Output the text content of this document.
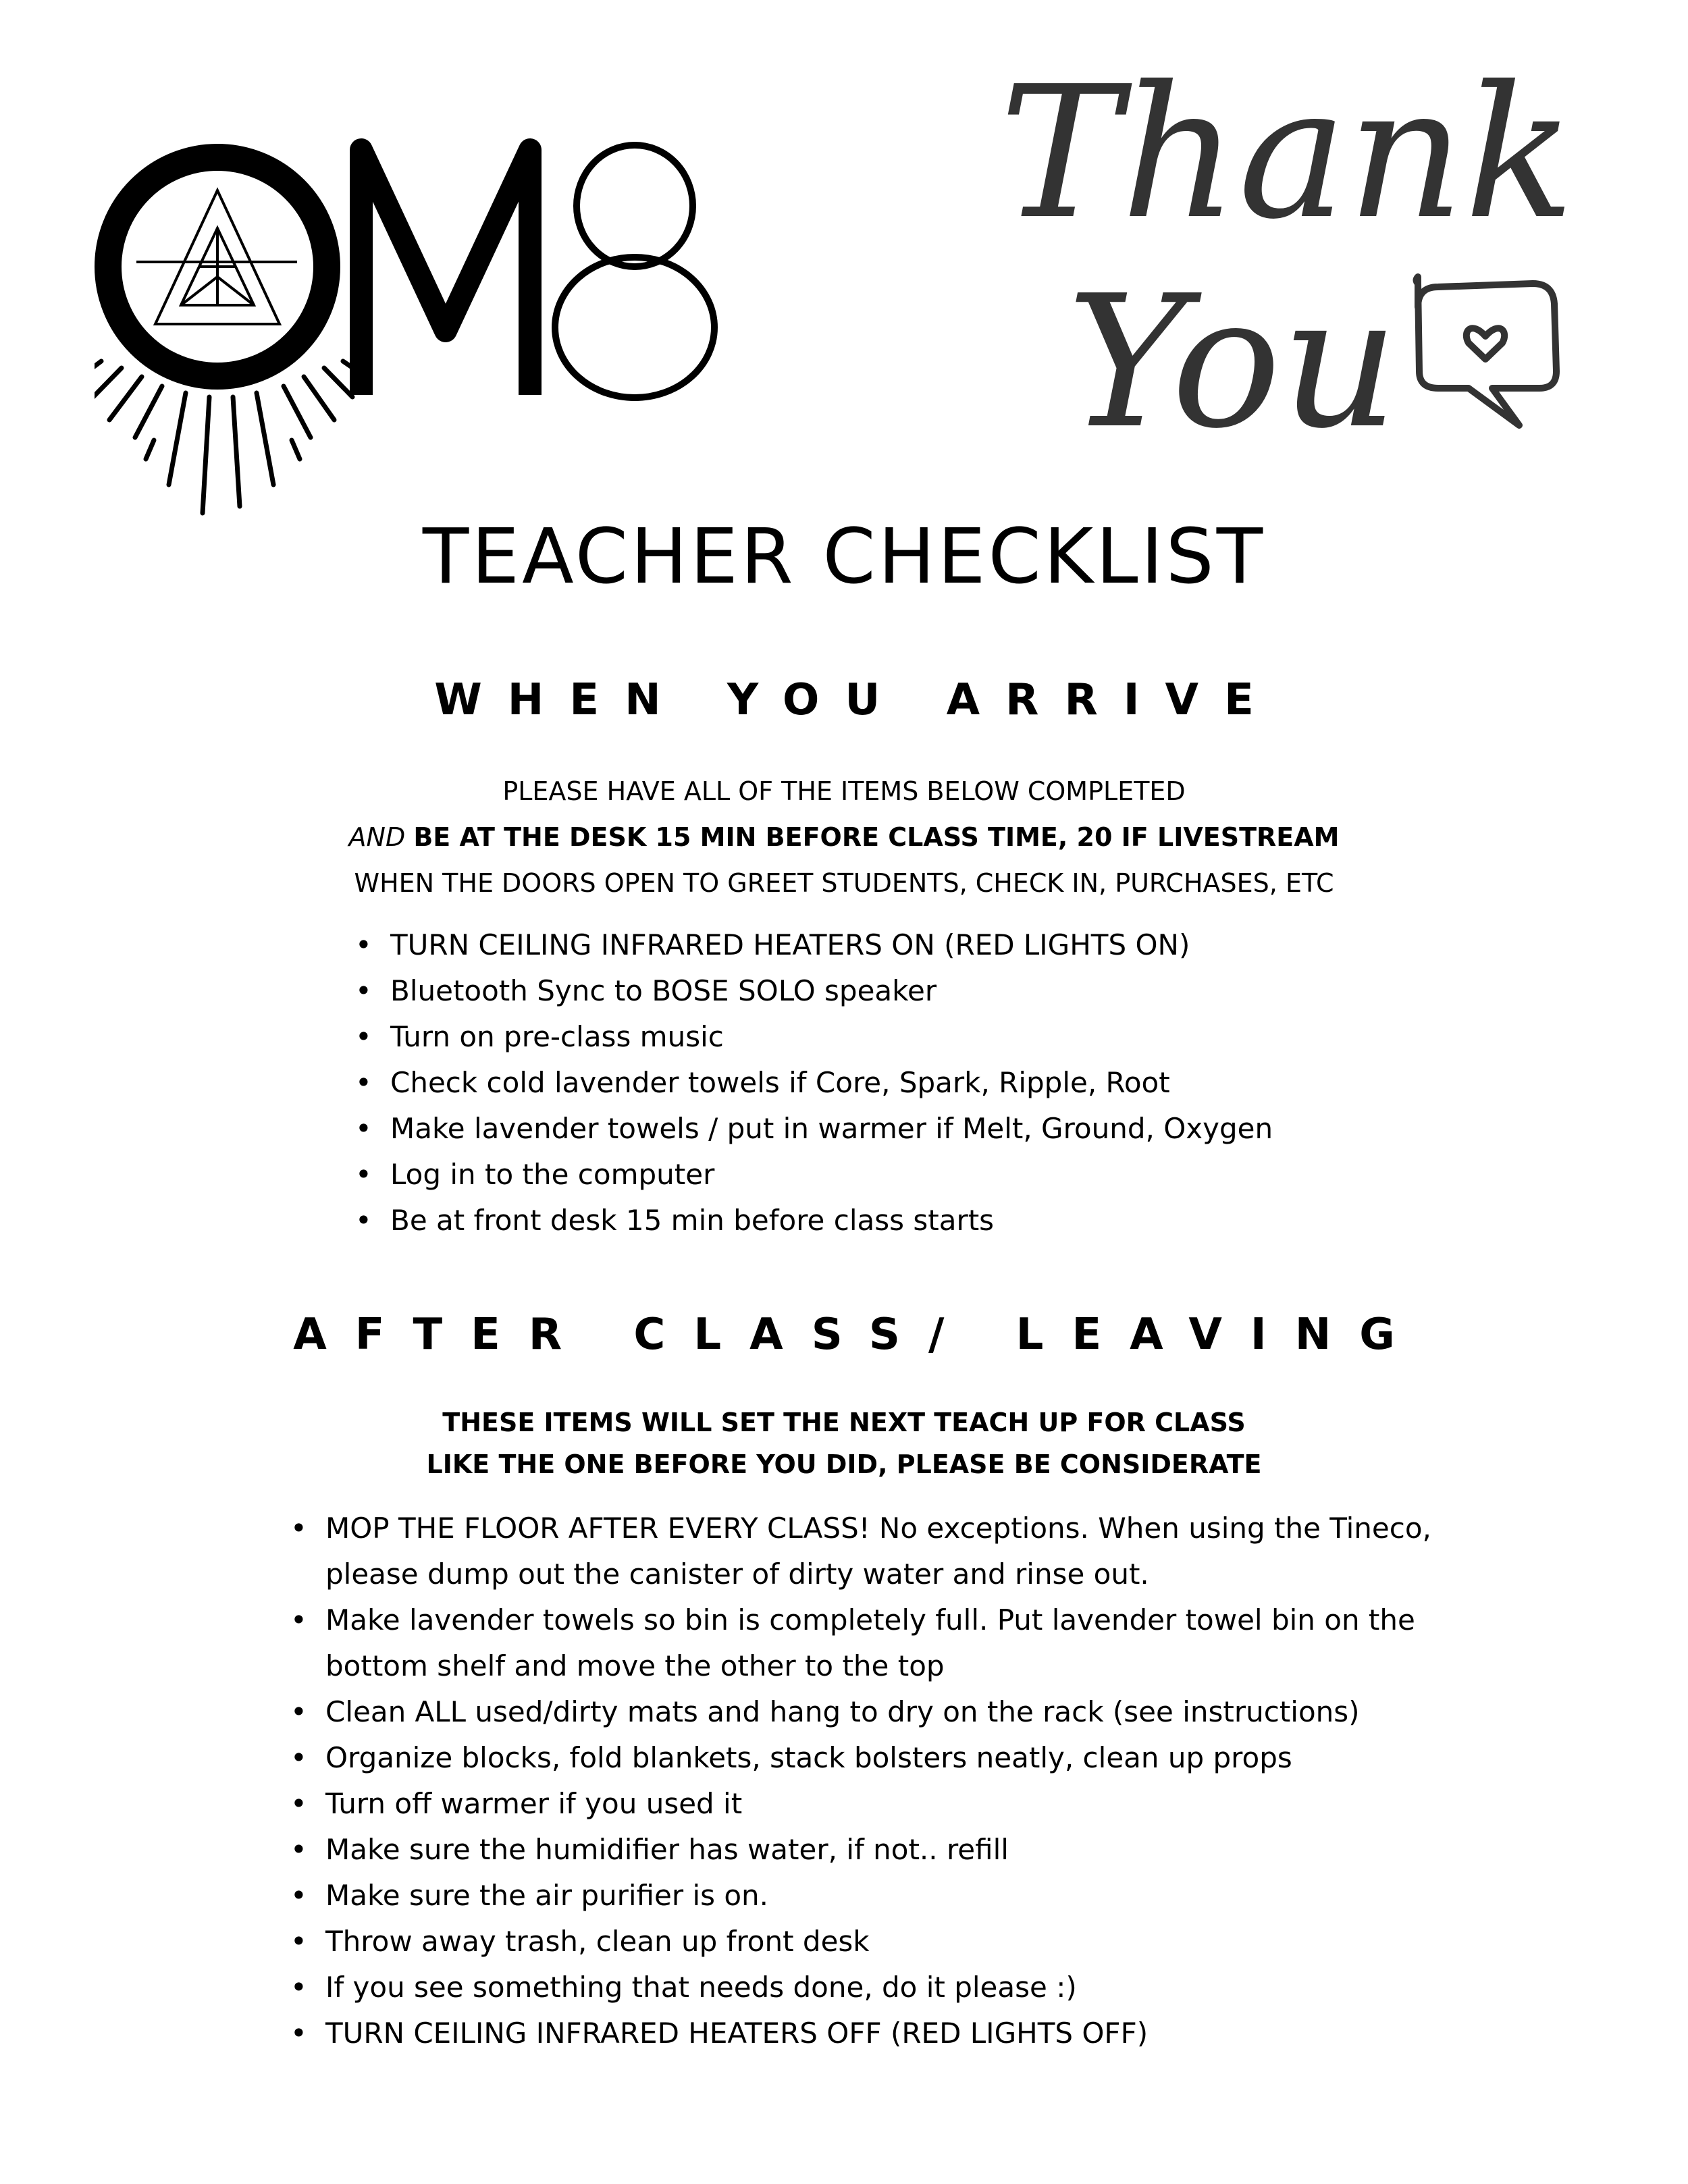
Thank
You
TEACHER CHECKLIST
WHEN YOU ARRIVE
PLEASE HAVE ALL OF THE ITEMS BELOW COMPLETED
AND BE AT THE DESK 15 MIN BEFORE CLASS TIME, 20 IF LIVESTREAM
WHEN THE DOORS OPEN TO GREET STUDENTS, CHECK IN, PURCHASES, ETC
• TURN CEILING INFRARED HEATERS ON (RED LIGHTS ON)
• Bluetooth Sync to BOSE SOLO speaker
• Turn on pre-class music
• Check cold lavender towels if Core, Spark, Ripple, Root
• Make lavender towels / put in warmer if Melt, Ground, Oxygen
• Log in to the computer
• Be at front desk 15 min before class starts
AFTER CLASS/ LEAVING
THESE ITEMS WILL SET THE NEXT TEACH UP FOR CLASS
LIKE THE ONE BEFORE YOU DID, PLEASE BE CONSIDERATE
• MOP THE FLOOR AFTER EVERY CLASS! No exceptions. When using the Tineco, please dump out the canister of dirty water and rinse out.
• Make lavender towels so bin is completely full. Put lavender towel bin on the bottom shelf and move the other to the top
• Clean ALL used/dirty mats and hang to dry on the rack (see instructions)
• Organize blocks, fold blankets, stack bolsters neatly, clean up props
• Turn off warmer if you used it
• Make sure the humidifier has water, if not.. refill
• Make sure the air purifier is on.
• Throw away trash, clean up front desk
• If you see something that needs done, do it please :)
• TURN CEILING INFRARED HEATERS OFF (RED LIGHTS OFF)
